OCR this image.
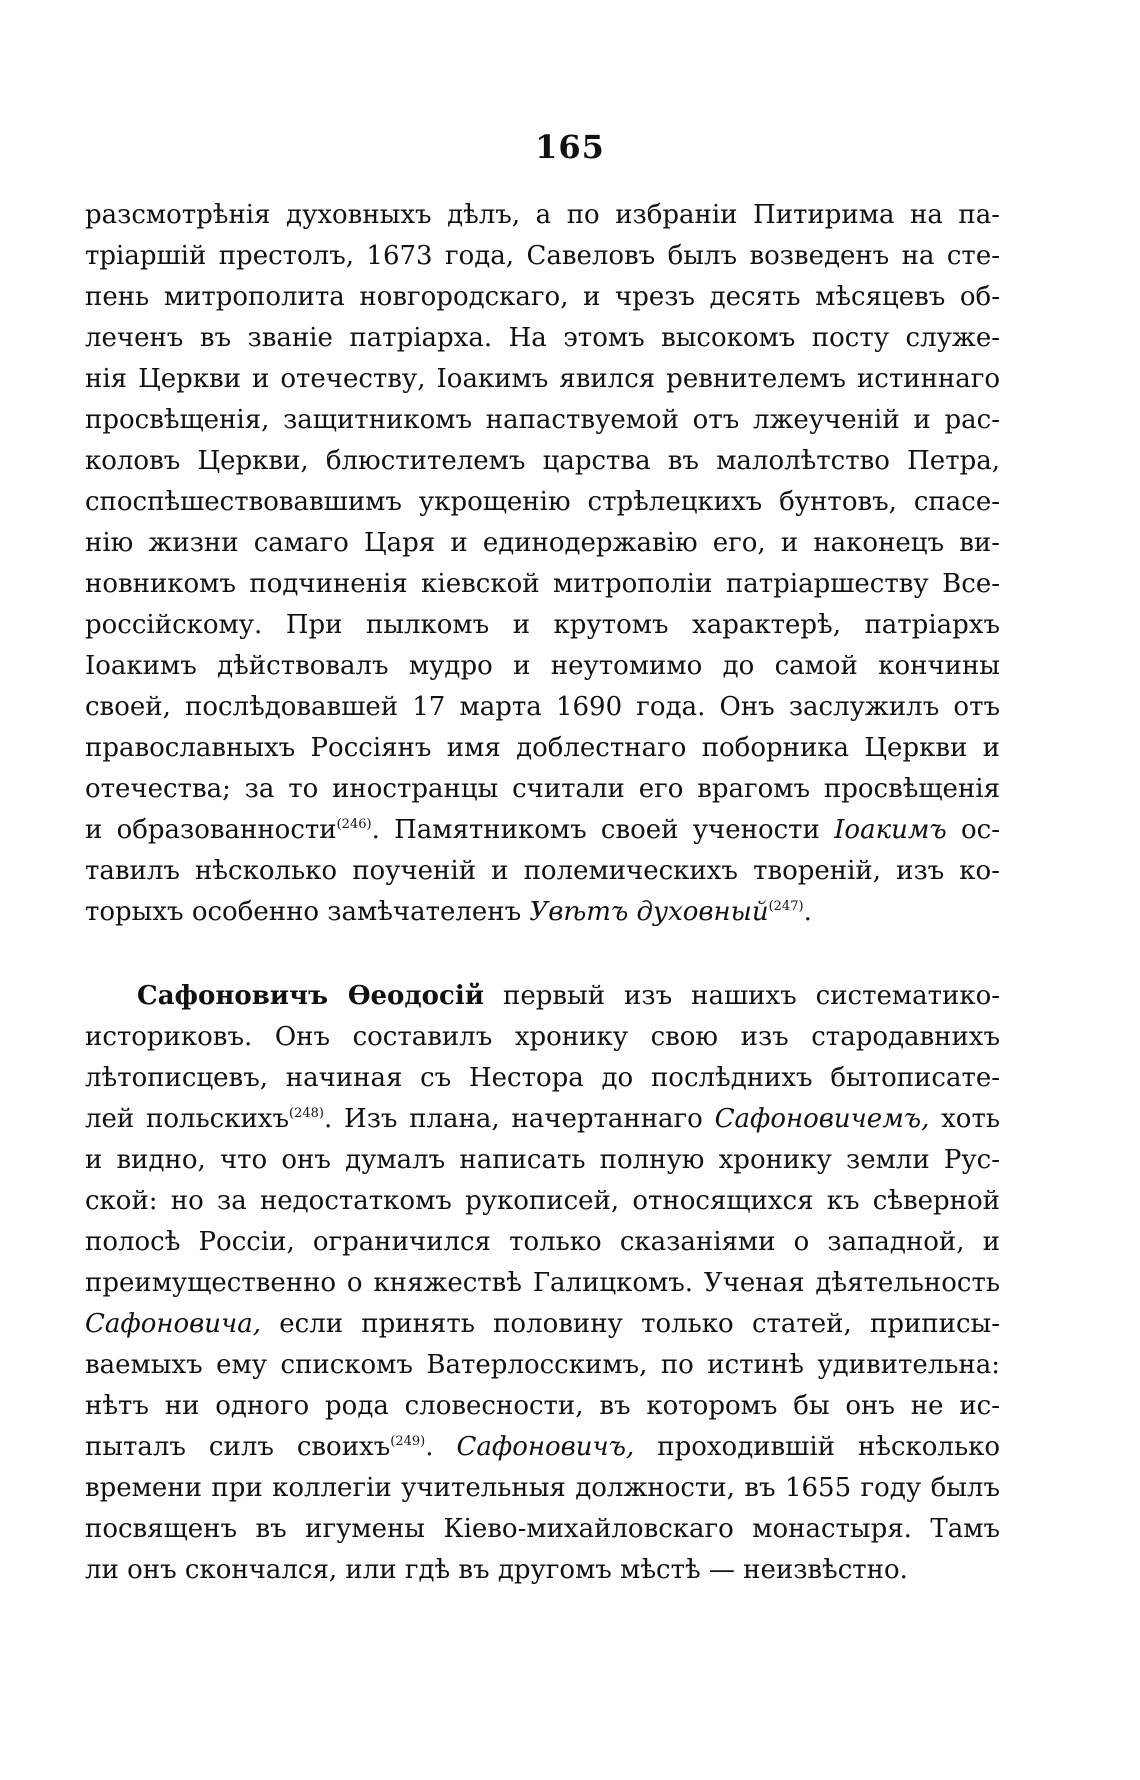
165
разсмотрѣнія духовныхъ дѣлъ, а по избраніи Питирима на па-
тріаршій престолъ, 1673 года, Савеловъ былъ возведенъ на сте-
пень митрополита новгородскаго, и чрезъ десять мѣсяцевъ об-
леченъ въ званіе патріарха. На этомъ высокомъ посту служе-
нія Церкви и отечеству, Іоакимъ явился ревнителемъ истиннаго
просвѣщенія, защитникомъ напаствуемой отъ лжеученій и рас-
коловъ Церкви, блюстителемъ царства въ малолѣтство Петра,
споспѣшествовавшимъ укрощенію стрѣлецкихъ бунтовъ, спасе-
нію жизни самаго Царя и единодержавію его, и наконецъ ви-
новникомъ подчиненія кіевской митрополіи патріаршеству Все-
россійскому. При пылкомъ и крутомъ характерѣ, патріархъ
Іоакимъ дѣйствовалъ мудро и неутомимо до самой кончины
своей, послѣдовавшей 17 марта 1690 года. Онъ заслужилъ отъ
православныхъ Россіянъ имя доблестнаго поборника Церкви и
отечества; за то иностранцы считали его врагомъ просвѣщенія
и образованности$^{(246)}$. Памятникомъ своей учености Іоакимъ ос-
тавилъ нѣсколько поученій и полемическихъ твореній, изъ ко-
торыхъ особенно замѣчателенъ Увѣтъ духовный$^{(247)}$.
Сафоновичъ Ѳеодосій первый изъ нашихъ систематико-
историковъ. Онъ составилъ хронику свою изъ стародавнихъ
лѣтописцевъ, начиная съ Нестора до послѣднихъ бытописате-
лей польскихъ$^{(248)}$. Изъ плана, начертаннаго Сафоновичемъ, хоть
и видно, что онъ думалъ написать полную хронику земли Рус-
ской: но за недостаткомъ рукописей, относящихся къ сѣверной
полосѣ Россіи, ограничился только сказаніями о западной, и
преимущественно о княжествѣ Галицкомъ. Ученая дѣятельность
Сафоновича, если принять половину только статей, приписы-
ваемыхъ ему спискомъ Ватерлосскимъ, по истинѣ удивительна:
нѣтъ ни одного рода словесности, въ которомъ бы онъ не ис-
пыталъ силъ своихъ$^{(249)}$. Сафоновичъ, проходившій нѣсколько
времени при коллегіи учительныя должности, въ 1655 году былъ
посвященъ въ игумены Кіево-михайловскаго монастыря. Тамъ
ли онъ скончался, или гдѣ въ другомъ мѣстѣ — неизвѣстно.
